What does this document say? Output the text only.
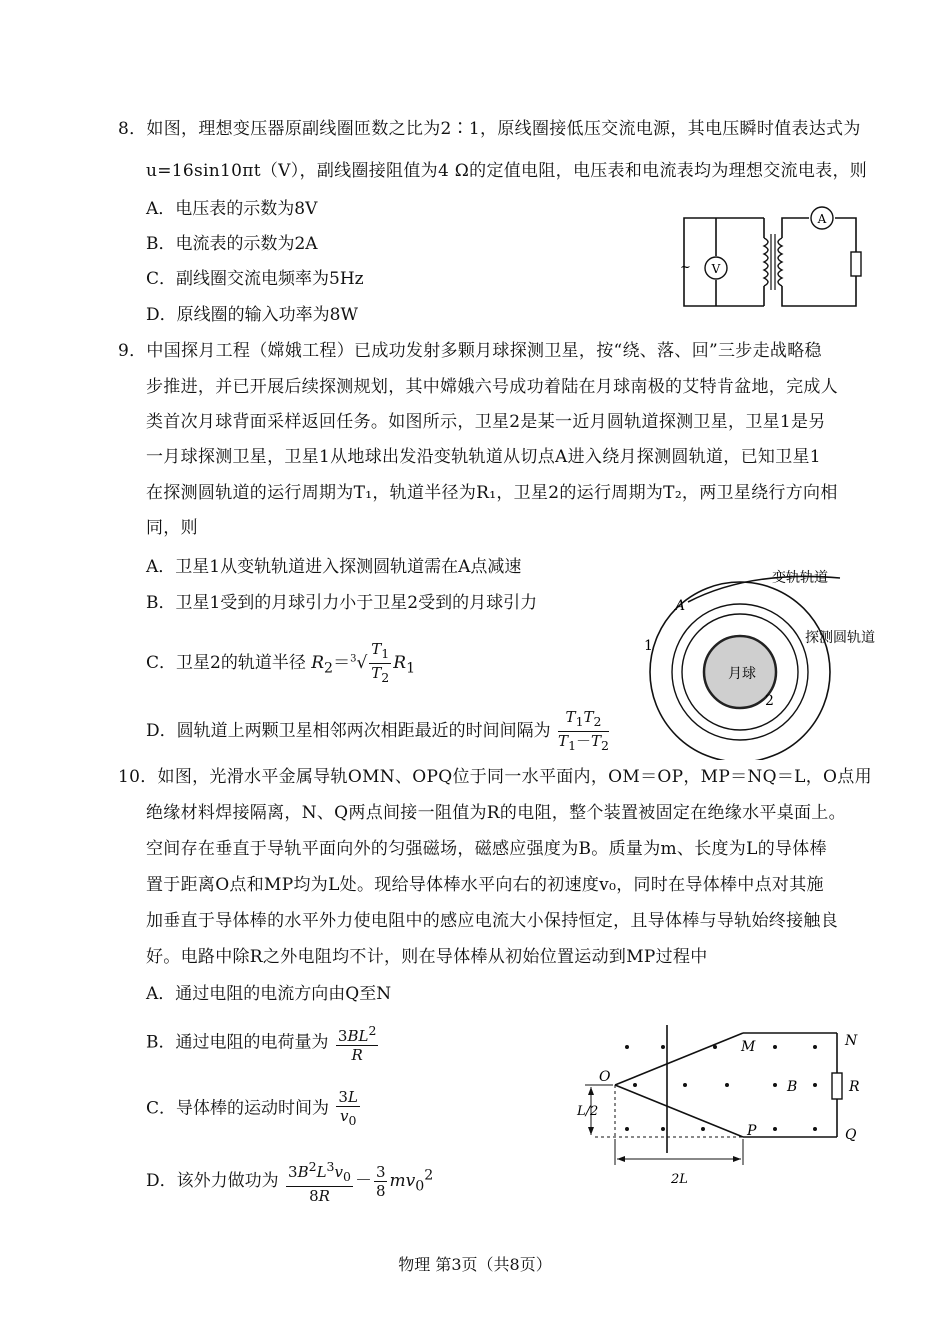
8．如图，理想变压器原副线圈匝数之比为2∶1，原线圈接低压交流电源，其电压瞬时值表达式为
u=16sin10πt（V），副线圈接阻值为4 Ω的定值电阻，电压表和电流表均为理想交流电表，则
A．电压表的示数为8V
B．电流表的示数为2A
C．副线圈交流电频率为5Hz
D．原线圈的输入功率为8W
V
~
A
9．中国探月工程（嫦娥工程）已成功发射多颗月球探测卫星，按“绕、落、回”三步走战略稳
步推进，并已开展后续探测规划，其中嫦娥六号成功着陆在月球南极的艾特肯盆地，完成人
类首次月球背面采样返回任务。如图所示，卫星2是某一近月圆轨道探测卫星，卫星1是另
一月球探测卫星，卫星1从地球出发沿变轨轨道从切点A进入绕月探测圆轨道，已知卫星1
在探测圆轨道的运行周期为T₁，轨道半径为R₁，卫星2的运行周期为T₂，两卫星绕行方向相
同，则
A．卫星1从变轨轨道进入探测圆轨道需在A点减速
B．卫星1受到的月球引力小于卫星2受到的月球引力
C．卫星2的轨道半径 $R_2=^3√ \frac{T_1}{T_2} R_1$
D．圆轨道上两颗卫星相邻两次相距最近的时间间隔为 $\frac{T_1T_2}{T_1-T_2}$
月球
A
1
2
变轨轨道
探测圆轨道
10．如图，光滑水平金属导轨OMN、OPQ位于同一水平面内，OM＝OP，MP＝NQ＝L，O点用
绝缘材料焊接隔离，N、Q两点间接一阻值为R的电阻，整个装置被固定在绝缘水平桌面上。
空间存在垂直于导轨平面向外的匀强磁场，磁感应强度为B。质量为m、长度为L的导体棒
置于距离O点和MP均为L处。现给导体棒水平向右的初速度v₀，同时在导体棒中点对其施
加垂直于导体棒的水平外力使电阻中的感应电流大小保持恒定，且导体棒与导轨始终接触良
好。电路中除R之外电阻均不计，则在导体棒从初始位置运动到MP过程中
A．通过电阻的电流方向由Q至N
B．通过电阻的电荷量为 $\frac{3BL^2}{R}$
C．导体棒的运动时间为 $\frac{3L}{v_0}$
D．该外力做功为 $\frac{3B^2L^3v_0}{8R} - \frac{3}{8} mv_0^2$
O
M	N
P	Q
R
B
L/2
2L
物理 第3页（共8页）
